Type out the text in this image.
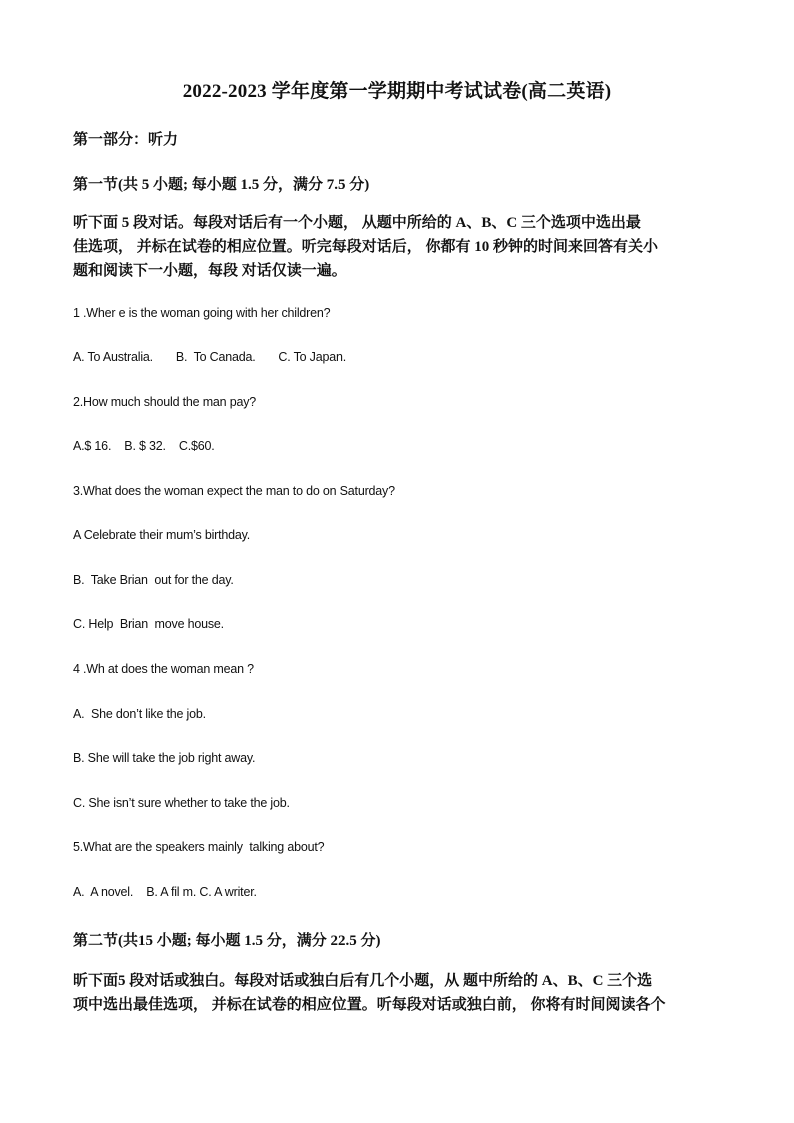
2022-2023 学年度第一学期期中考试试卷(高二英语)
第一部分：听力
第一节(共 5 小题; 每小题 1.5 分，满分 7.5 分)
听下面 5 段对话。每段对话后有一个小题， 从题中所给的 A、B、C 三个选项中选出最
佳选项， 并标在试卷的相应位置。听完每段对话后， 你都有 10 秒钟的时间来回答有关小
题和阅读下一小题，每段 对话仅读一遍。
1 .Wher e is the woman going with her children?
A. To Australia.       B.  To Canada.       C. To Japan.
2.How much should the man pay?
A.$ 16.    B. $ 32.    C.$60.
3.What does the woman expect the man to do on Saturday?
A Celebrate their mum’s birthday.
B.  Take Brian  out for the day.
C. Help  Brian  move house.
4 .Wh at does the woman mean ?
A.  She don’t like the job.
B. She will take the job right away.
C. She isn’t sure whether to take the job.
5.What are the speakers mainly  talking about?
A.  A novel.    B. A fil m. C. A writer.
第二节(共15 小题; 每小题 1.5 分，满分 22.5 分)
昕下面5 段对话或独白。每段对话或独白后有几个小题，从 题中所给的 A、B、C 三个选
项中选出最佳选项， 并标在试卷的相应位置。听每段对话或独白前， 你将有时间阅读各个
